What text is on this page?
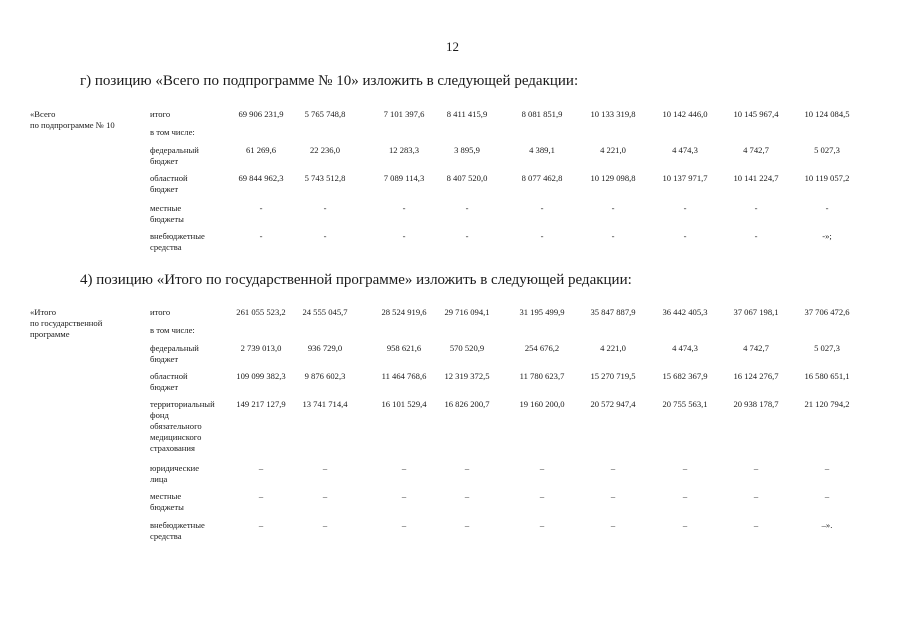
12
г) позицию «Всего по подпрограмме № 10» изложить в следующей редакции:
«Всего
по подпрограмме № 10
итого	69 906 231,9	5 765 748,8	7 101 397,6	8 411 415,9	8 081 851,9	10 133 319,8	10 142 446,0	10 145 967,4	10 124 084,5
в том числе:
федеральный
бюджет
61 269,6	22 236,0	12 283,3	3 895,9	4 389,1	4 221,0	4 474,3	4 742,7	5 027,3
областной
бюджет
69 844 962,3	5 743 512,8	7 089 114,3	8 407 520,0	8 077 462,8	10 129 098,8	10 137 971,7	10 141 224,7	10 119 057,2
местные
бюджеты
-	-	-	-	-	-	-	-	-
внебюджетные
средства
-	-	-	-	-	-	-	-	-»;
4) позицию «Итого по государственной программе» изложить в следующей редакции:
«Итого
по государственной
программе
итого	261 055 523,2	24 555 045,7	28 524 919,6	29 716 094,1	31 195 499,9	35 847 887,9	36 442 405,3	37 067 198,1	37 706 472,6
в том числе:
федеральный
бюджет
2 739 013,0	936 729,0	958 621,6	570 520,9	254 676,2	4 221,0	4 474,3	4 742,7	5 027,3
областной
бюджет
109 099 382,3	9 876 602,3	11 464 768,6	12 319 372,5	11 780 623,7	15 270 719,5	15 682 367,9	16 124 276,7	16 580 651,1
территориальный
фонд
обязательного
медицинского
страхования
149 217 127,9	13 741 714,4	16 101 529,4	16 826 200,7	19 160 200,0	20 572 947,4	20 755 563,1	20 938 178,7	21 120 794,2
юридические
лица
–	–	–	–	–	–	–	–	–
местные
бюджеты
–	–	–	–	–	–	–	–	–
внебюджетные
средства
–	–	–	–	–	–	–	–	–».
